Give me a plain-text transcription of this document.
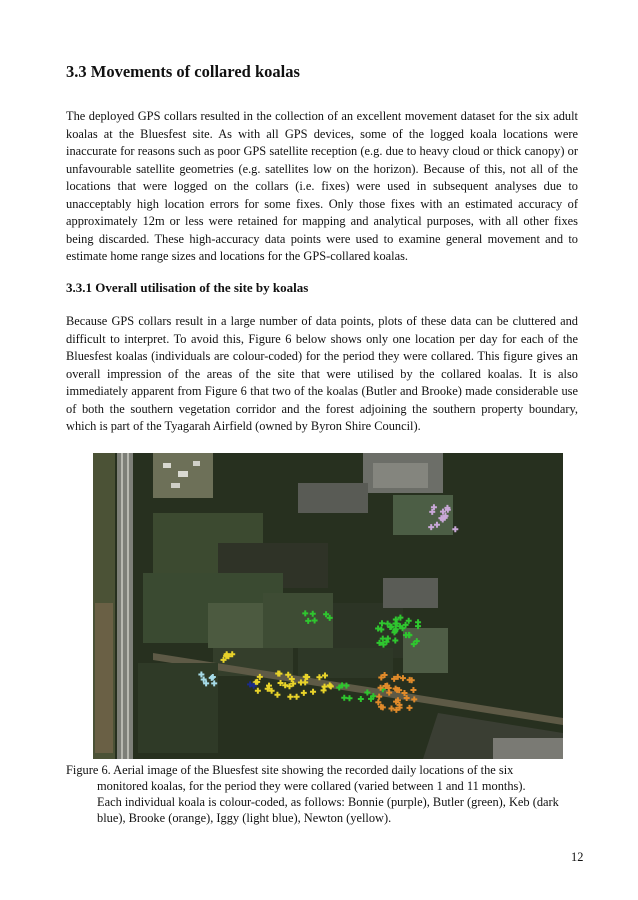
3.3 Movements of collared koalas

The deployed GPS collars resulted in the collection of an excellent movement dataset for the six adult koalas at the Bluesfest site. As with all GPS devices, some of the logged koala locations were inaccurate for reasons such as poor GPS satellite reception (e.g. due to heavy cloud or thick canopy) or unfavourable satellite geometries (e.g. satellites low on the horizon). Because of this, not all of the locations that were logged on the collars (i.e. fixes) were used in subsequent analyses due to unacceptably high location errors for some fixes. Only those fixes with an estimated accuracy of approximately 12m or less were retained for mapping and analytical purposes, with all other fixes being discarded. These high-accuracy data points were used to examine general movement and to estimate home range sizes and locations for the GPS-collared koalas.

3.3.1 Overall utilisation of the site by koalas

Because GPS collars result in a large number of data points, plots of these data can be cluttered and difficult to interpret. To avoid this, Figure 6 below shows only one location per day for each of the Bluesfest koalas (individuals are colour-coded) for the period they were collared. This figure gives an overall impression of the areas of the site that were utilised by the collared koalas. It is also immediately apparent from Figure 6 that two of the koalas (Butler and Brooke) made considerable use of both the southern vegetation corridor and the forest adjoining the southern property boundary, which is part of the Tyagarah Airfield (owned by Byron Shire Council).

Figure 6. Aerial image of the Bluesfest site showing the recorded daily locations of the six
monitored koalas, for the period they were collared (varied between 1 and 11 months).
Each individual koala is colour-coded, as follows: Bonnie (purple), Butler (green), Keb (dark blue), Brooke (orange), Iggy (light blue), Newton (yellow).
12
